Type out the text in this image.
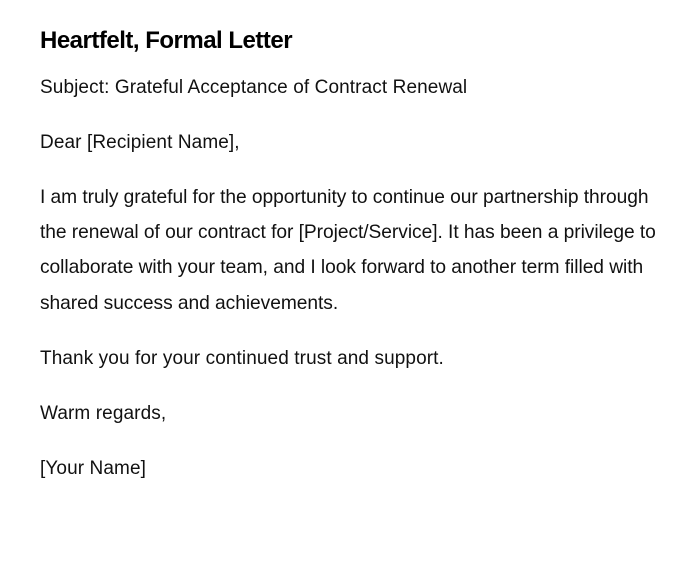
Heartfelt, Formal Letter

Subject: Grateful Acceptance of Contract Renewal

Dear [Recipient Name],

I am truly grateful for the opportunity to continue our partnership through the renewal of our contract for [Project/Service]. It has been a privilege to collaborate with your team, and I look forward to another term filled with shared success and achievements.

Thank you for your continued trust and support.

Warm regards,

[Your Name]
